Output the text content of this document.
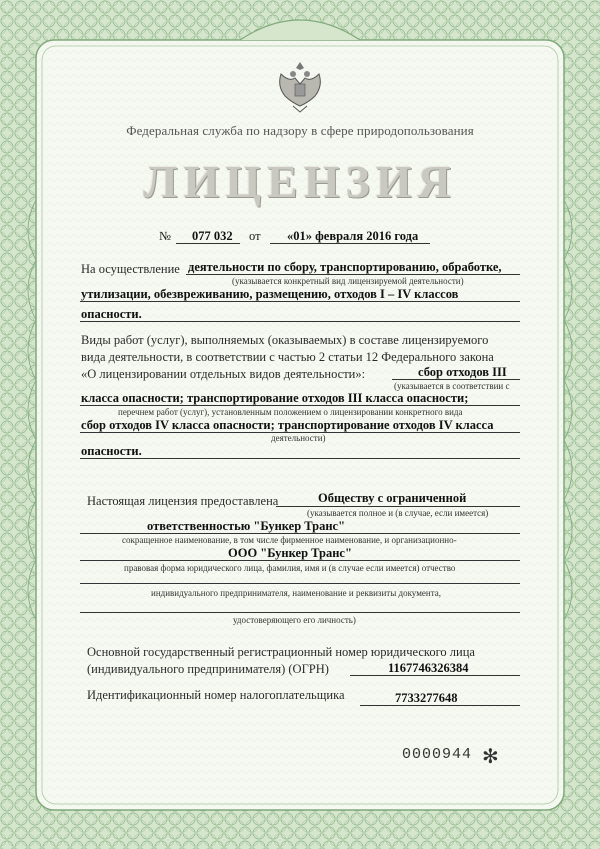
Федеральная служба по надзору в сфере природопользования
ЛИЦЕНЗИЯ
№ 077 032 от «01» февраля 2016 года
На осуществление деятельности по сбору, транспортированию, обработке,
(указывается конкретный вид лицензируемой деятельности)
утилизации, обезвреживанию, размещению, отходов I – IV классов
опасности.
Виды работ (услуг), выполняемых (оказываемых) в составе лицензируемого
вида деятельности, в соответствии с частью 2 статьи 12 Федерального закона
«О лицензировании отдельных видов деятельности»:	сбор отходов III
(указывается в соответствии с
класса опасности; транспортирование отходов III класса опасности;
перечнем работ (услуг), установленным положением о лицензировании конкретного вида
сбор отходов IV класса опасности; транспортирование отходов IV класса
деятельности)
опасности.
Настоящая лицензия предоставлена	Обществу с ограниченной
(указывается полное и (в случае, если имеется)
ответственностью "Бункер Транс"
сокращенное наименование, в том числе фирменное наименование, и организационно-
ООО "Бункер Транс"
правовая форма юридического лица, фамилия, имя и (в случае если имеется) отчество
индивидуального предпринимателя, наименование и реквизиты документа,
удостоверяющего его личность)
Основной государственный регистрационный номер юридического лица
(индивидуального предпринимателя) (ОГРН)	1167746326384
Идентификационный номер налогоплательщика	7733277648
0000944 ✻
